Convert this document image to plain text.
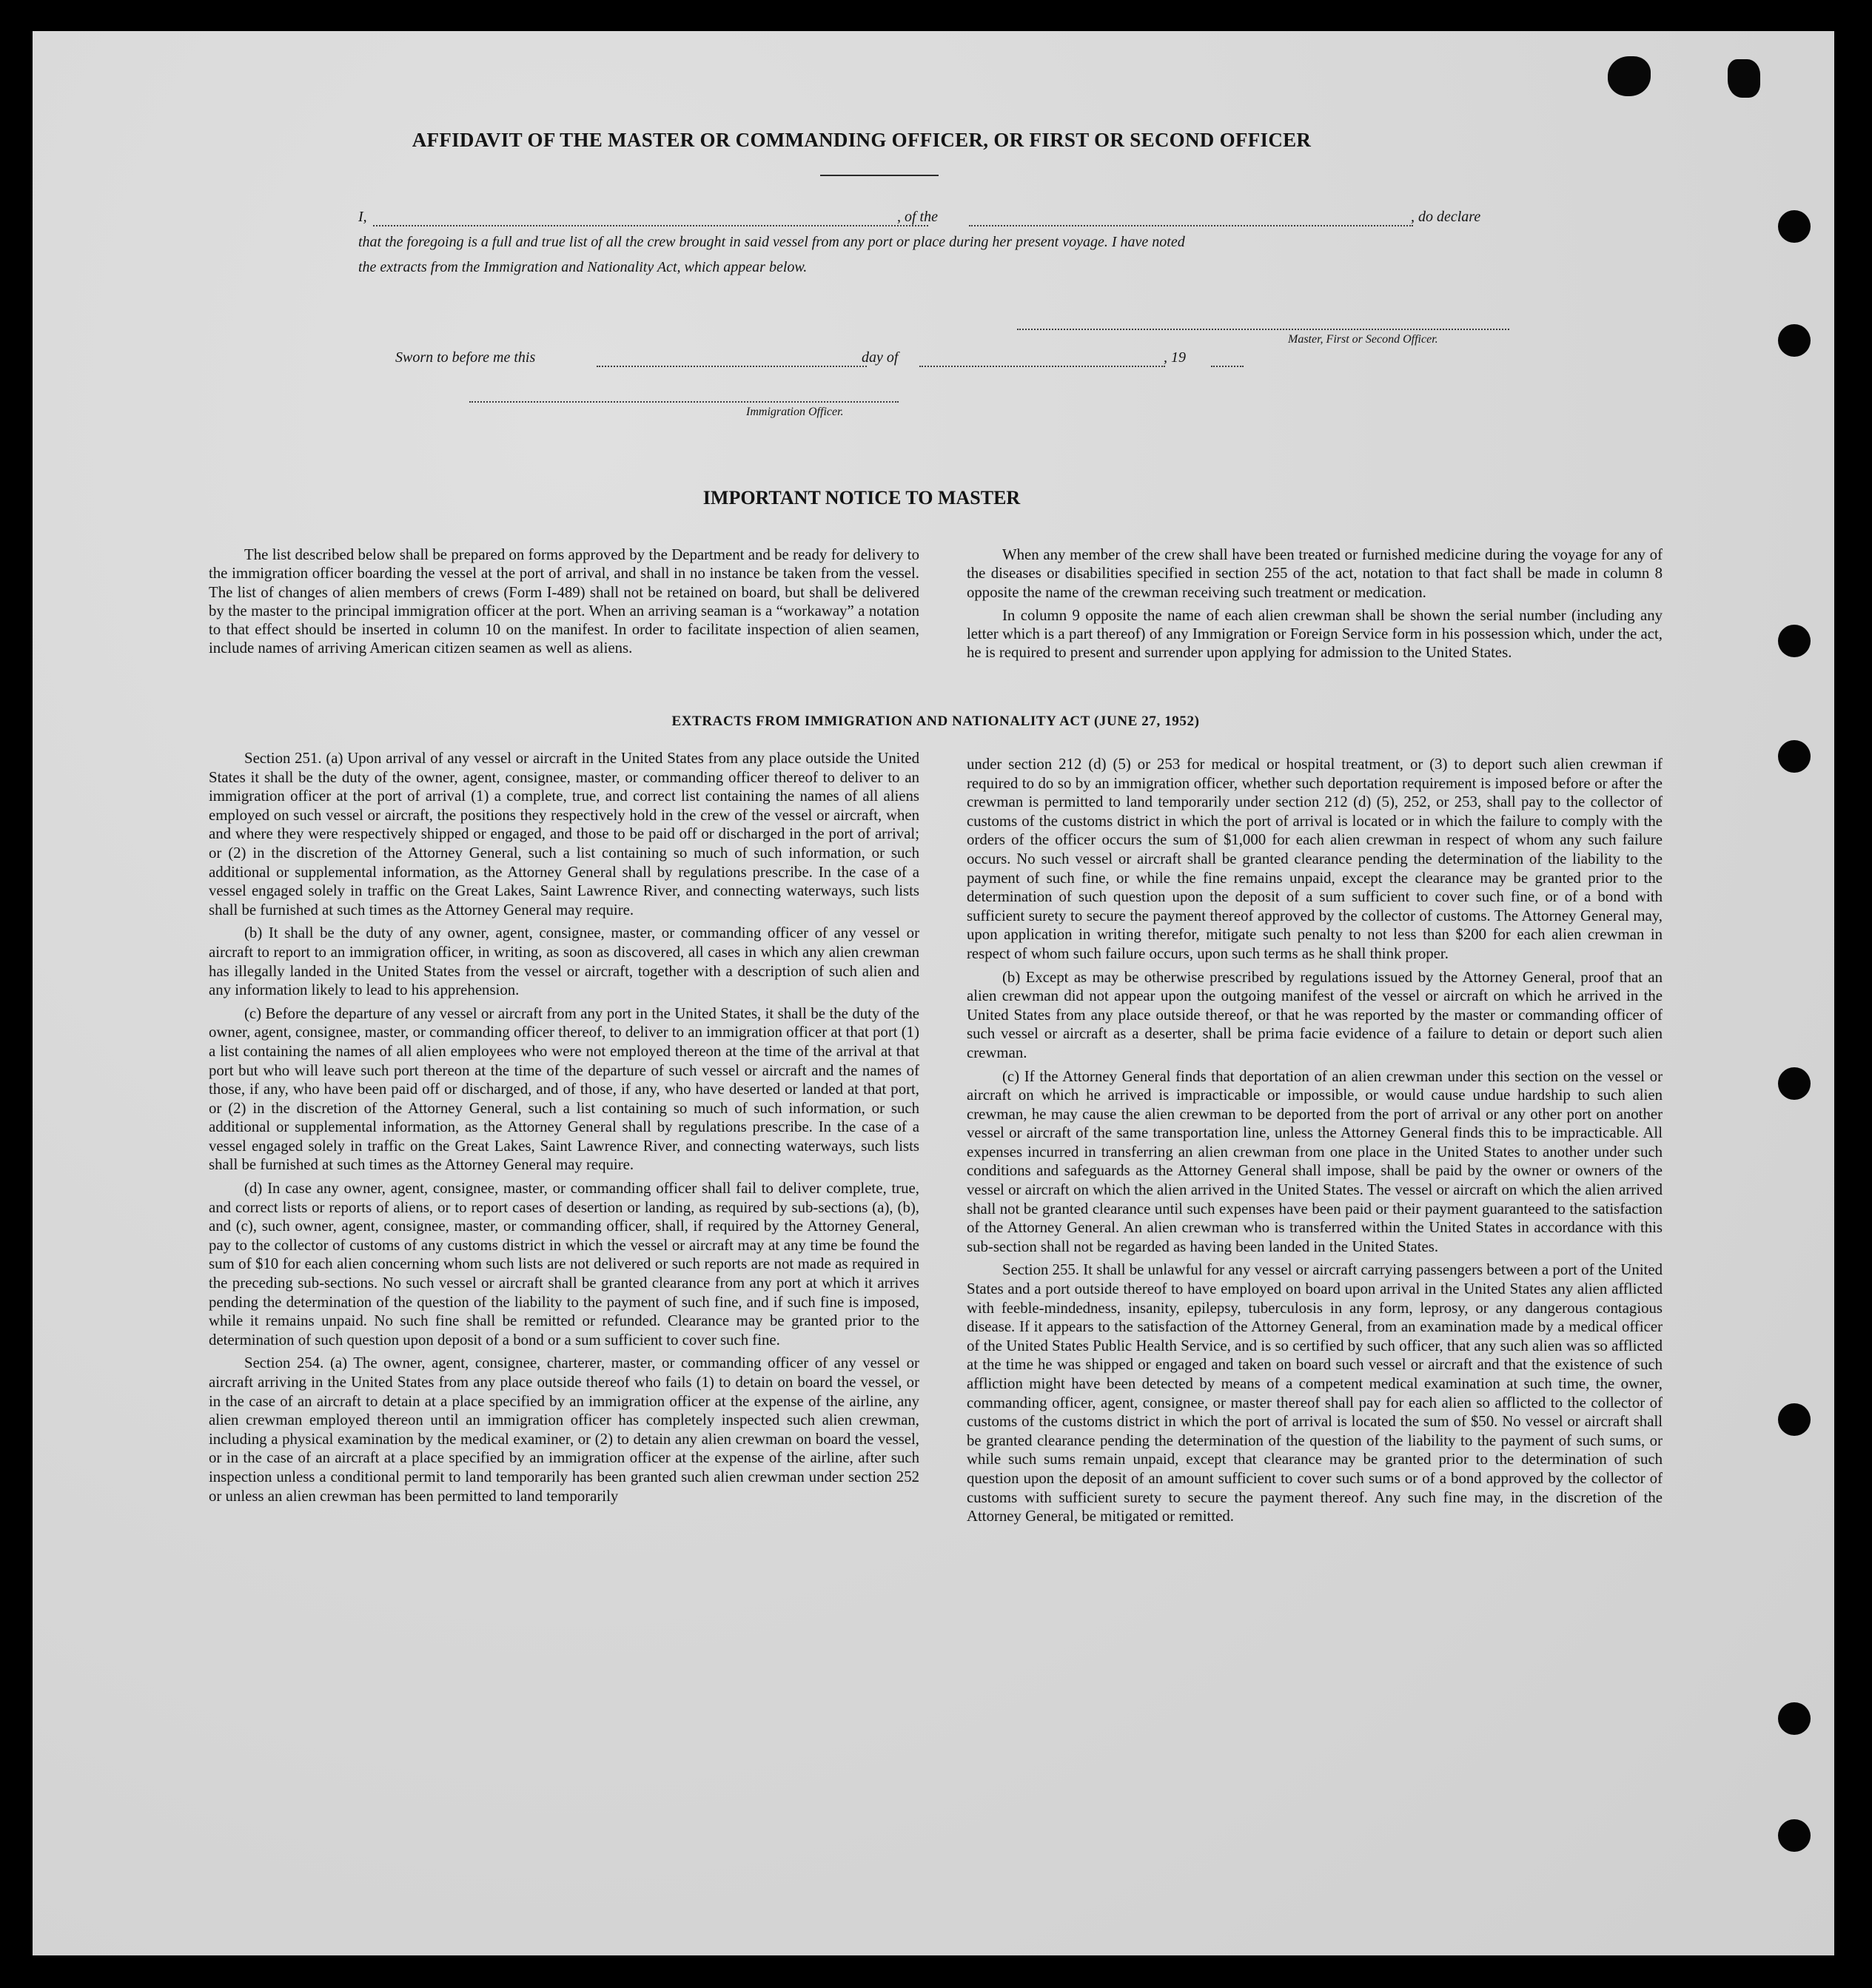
AFFIDAVIT OF THE MASTER OR COMMANDING OFFICER, OR FIRST OR SECOND OFFICER
I,	, of the	, do declare
that the foregoing is a full and true list of all the crew brought in said vessel from any port or place during her present voyage. I have noted
the extracts from the Immigration and Nationality Act, which appear below.
Master, First or Second Officer.
Sworn to before me this	day of	, 19
Immigration Officer.
IMPORTANT NOTICE TO MASTER

The list described below shall be prepared on forms approved by the Department and be ready for delivery to the immigration officer boarding the vessel at the port of arrival, and shall in no instance be taken from the vessel. The list of changes of alien members of crews (Form I-489) shall not be retained on board, but shall be delivered by the master to the principal immigration officer at the port. When an arriving seaman is a “workaway” a notation to that effect should be inserted in column 10 on the manifest. In order to facilitate inspection of alien seamen, include names of arriving American citizen seamen as well as aliens.

When any member of the crew shall have been treated or furnished medicine during the voyage for any of the diseases or disabilities specified in section 255 of the act, notation to that fact shall be made in column 8 opposite the name of the crewman receiving such treatment or medication.

In column 9 opposite the name of each alien crewman shall be shown the serial number (including any letter which is a part thereof) of any Immigration or Foreign Service form in his possession which, under the act, he is required to present and surrender upon applying for admission to the United States.

EXTRACTS FROM IMMIGRATION AND NATIONALITY ACT (JUNE 27, 1952)

Section 251. (a) Upon arrival of any vessel or aircraft in the United States from any place outside the United States it shall be the duty of the owner, agent, consignee, master, or commanding officer thereof to deliver to an immigration officer at the port of arrival (1) a complete, true, and correct list containing the names of all aliens employed on such vessel or aircraft, the positions they respectively hold in the crew of the vessel or aircraft, when and where they were respectively shipped or engaged, and those to be paid off or discharged in the port of arrival; or (2) in the discretion of the Attorney General, such a list containing so much of such information, or such additional or supplemental information, as the Attorney General shall by regulations prescribe. In the case of a vessel engaged solely in traffic on the Great Lakes, Saint Lawrence River, and connecting waterways, such lists shall be furnished at such times as the Attorney General may require.

(b) It shall be the duty of any owner, agent, consignee, master, or commanding officer of any vessel or aircraft to report to an immigration officer, in writing, as soon as discovered, all cases in which any alien crewman has illegally landed in the United States from the vessel or aircraft, together with a description of such alien and any information likely to lead to his apprehension.

(c) Before the departure of any vessel or aircraft from any port in the United States, it shall be the duty of the owner, agent, consignee, master, or commanding officer thereof, to deliver to an immigration officer at that port (1) a list containing the names of all alien employees who were not employed thereon at the time of the arrival at that port but who will leave such port thereon at the time of the departure of such vessel or aircraft and the names of those, if any, who have been paid off or discharged, and of those, if any, who have deserted or landed at that port, or (2) in the discretion of the Attorney General, such a list containing so much of such information, or such additional or supplemental information, as the Attorney General shall by regulations prescribe. In the case of a vessel engaged solely in traffic on the Great Lakes, Saint Lawrence River, and connecting waterways, such lists shall be furnished at such times as the Attorney General may require.

(d) In case any owner, agent, consignee, master, or commanding officer shall fail to deliver complete, true, and correct lists or reports of aliens, or to report cases of desertion or landing, as required by sub-sections (a), (b), and (c), such owner, agent, consignee, master, or commanding officer, shall, if required by the Attorney General, pay to the collector of customs of any customs district in which the vessel or aircraft may at any time be found the sum of $10 for each alien concerning whom such lists are not delivered or such reports are not made as required in the preceding sub-sections. No such vessel or aircraft shall be granted clearance from any port at which it arrives pending the determination of the question of the liability to the payment of such fine, and if such fine is imposed, while it remains unpaid. No such fine shall be remitted or refunded. Clearance may be granted prior to the determination of such question upon deposit of a bond or a sum sufficient to cover such fine.

Section 254. (a) The owner, agent, consignee, charterer, master, or commanding officer of any vessel or aircraft arriving in the United States from any place outside thereof who fails (1) to detain on board the vessel, or in the case of an aircraft to detain at a place specified by an immigration officer at the expense of the airline, any alien crewman employed thereon until an immigration officer has completely inspected such alien crewman, including a physical examination by the medical examiner, or (2) to detain any alien crewman on board the vessel, or in the case of an aircraft at a place specified by an immigration officer at the expense of the airline, after such inspection unless a conditional permit to land temporarily has been granted such alien crewman under section 252 or unless an alien crewman has been permitted to land temporarily

under section 212 (d) (5) or 253 for medical or hospital treatment, or (3) to deport such alien crewman if required to do so by an immigration officer, whether such deportation requirement is imposed before or after the crewman is permitted to land temporarily under section 212 (d) (5), 252, or 253, shall pay to the collector of customs of the customs district in which the port of arrival is located or in which the failure to comply with the orders of the officer occurs the sum of $1,000 for each alien crewman in respect of whom any such failure occurs. No such vessel or aircraft shall be granted clearance pending the determination of the liability to the payment of such fine, or while the fine remains unpaid, except the clearance may be granted prior to the determination of such question upon the deposit of a sum sufficient to cover such fine, or of a bond with sufficient surety to secure the payment thereof approved by the collector of customs. The Attorney General may, upon application in writing therefor, mitigate such penalty to not less than $200 for each alien crewman in respect of whom such failure occurs, upon such terms as he shall think proper.

(b) Except as may be otherwise prescribed by regulations issued by the Attorney General, proof that an alien crewman did not appear upon the outgoing manifest of the vessel or aircraft on which he arrived in the United States from any place outside thereof, or that he was reported by the master or commanding officer of such vessel or aircraft as a deserter, shall be prima facie evidence of a failure to detain or deport such alien crewman.

(c) If the Attorney General finds that deportation of an alien crewman under this section on the vessel or aircraft on which he arrived is impracticable or impossible, or would cause undue hardship to such alien crewman, he may cause the alien crewman to be deported from the port of arrival or any other port on another vessel or aircraft of the same transportation line, unless the Attorney General finds this to be impracticable. All expenses incurred in transferring an alien crewman from one place in the United States to another under such conditions and safeguards as the Attorney General shall impose, shall be paid by the owner or owners of the vessel or aircraft on which the alien arrived in the United States. The vessel or aircraft on which the alien arrived shall not be granted clearance until such expenses have been paid or their payment guaranteed to the satisfaction of the Attorney General. An alien crewman who is transferred within the United States in accordance with this sub-section shall not be regarded as having been landed in the United States.

Section 255. It shall be unlawful for any vessel or aircraft carrying passengers between a port of the United States and a port outside thereof to have employed on board upon arrival in the United States any alien afflicted with feeble-mindedness, insanity, epilepsy, tuberculosis in any form, leprosy, or any dangerous contagious disease. If it appears to the satisfaction of the Attorney General, from an examination made by a medical officer of the United States Public Health Service, and is so certified by such officer, that any such alien was so afflicted at the time he was shipped or engaged and taken on board such vessel or aircraft and that the existence of such affliction might have been detected by means of a competent medical examination at such time, the owner, commanding officer, agent, consignee, or master thereof shall pay for each alien so afflicted to the collector of customs of the customs district in which the port of arrival is located the sum of $50. No vessel or aircraft shall be granted clearance pending the determination of the question of the liability to the payment of such sums, or while such sums remain unpaid, except that clearance may be granted prior to the determination of such question upon the deposit of an amount sufficient to cover such sums or of a bond approved by the collector of customs with sufficient surety to secure the payment thereof. Any such fine may, in the discretion of the Attorney General, be mitigated or remitted.
